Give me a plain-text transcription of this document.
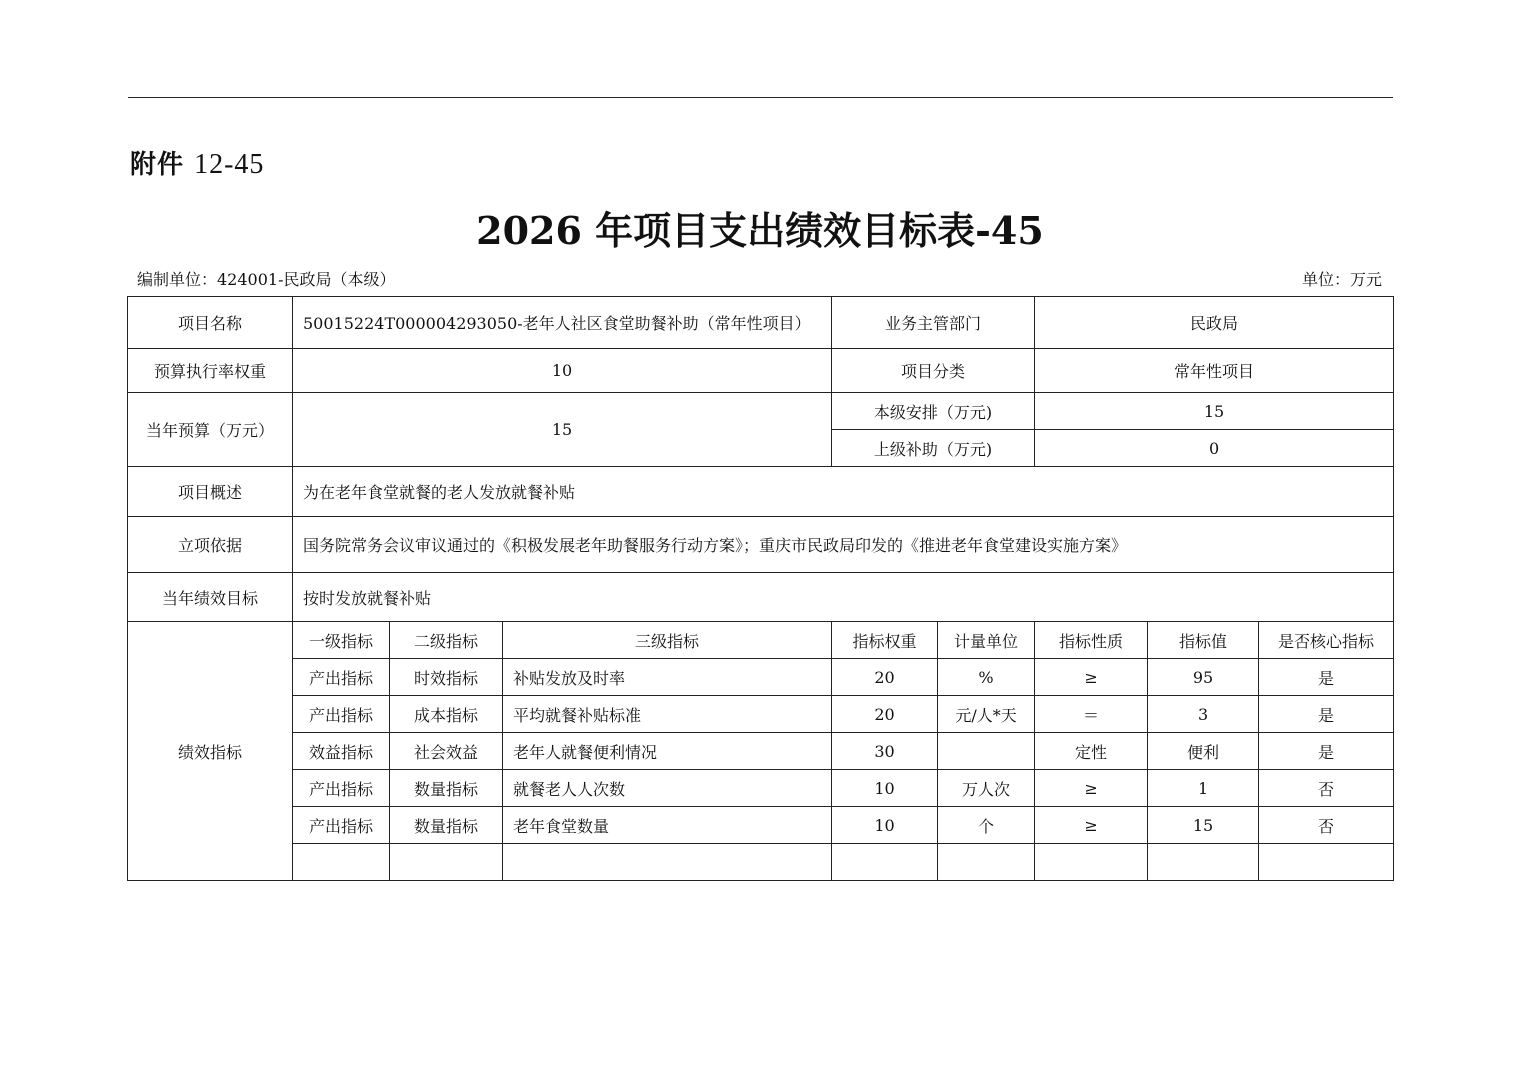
附件 12-45
2026 年项目支出绩效目标表-45
编制单位：424001-民政局（本级）	单位：万元
项目名称	50015224T000004293050-老年人社区食堂助餐补助（常年性项目）			业务主管部门		民政局		
预算执行率权重	10			项目分类		常年性项目		
当年预算（万元）	15			本级安排（万元)		15		
				上级补助（万元)		0		
项目概述	为在老年食堂就餐的老人发放就餐补贴							
立项依据	国务院常务会议审议通过的《积极发展老年助餐服务行动方案》；重庆市民政局印发的《推进老年食堂建设实施方案》							
当年绩效目标	按时发放就餐补贴							
绩效指标	一级指标	二级指标	三级指标	指标权重	计量单位	指标性质	指标值	是否核心指标
	产出指标	时效指标	补贴发放及时率	20	%	≥	95	是
	产出指标	成本指标	平均就餐补贴标准	20	元/人*天	＝	3	是
	效益指标	社会效益	老年人就餐便利情况	30		定性	便利	是
	产出指标	数量指标	就餐老人人次数	10	万人次	≥	1	否
	产出指标	数量指标	老年食堂数量	10	个	≥	15	否
